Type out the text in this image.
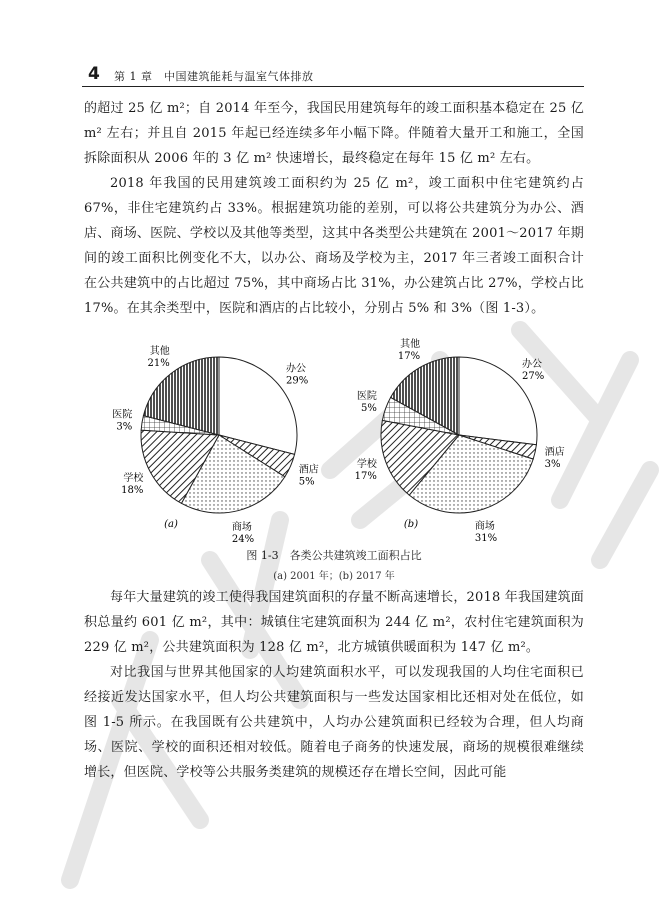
4 第 1 章　中国建筑能耗与温室气体排放

的超过 25 亿 m²；自 2014 年至今，我国民用建筑每年的竣工面积基本稳定在 25 亿 m² 左右；并且自 2015 年起已经连续多年小幅下降。伴随着大量开工和施工，全国拆除面积从 2006 年的 3 亿 m² 快速增长，最终稳定在每年 15 亿 m² 左右。

2018 年我国的民用建筑竣工面积约为 25 亿 m²，竣工面积中住宅建筑约占 67%，非住宅建筑约占 33%。根据建筑功能的差别，可以将公共建筑分为办公、酒店、商场、医院、学校以及其他等类型，这其中各类型公共建筑在 2001～2017 年期间的竣工面积比例变化不大，以办公、商场及学校为主，2017 年三者竣工面积合计在公共建筑中的占比超过 75%，其中商场占比 31%，办公建筑占比 27%，学校占比 17%。在其余类型中，医院和酒店的占比较小，分别占 5% 和 3%（图 1-3）。

办公
29%
酒店
5%
商场
24%
学校
18%
医院
3%
其他
21%
(a)
办公
27%
酒店
3%
商场
31%
学校
17%
医院
5%
其他
17%
(b)
图 1-3　各类公共建筑竣工面积占比
(a) 2001 年；(b) 2017 年

每年大量建筑的竣工使得我国建筑面积的存量不断高速增长，2018 年我国建筑面积总量约 601 亿 m²，其中：城镇住宅建筑面积为 244 亿 m²，农村住宅建筑面积为 229 亿 m²，公共建筑面积为 128 亿 m²，北方城镇供暖面积为 147 亿 m²。

对比我国与世界其他国家的人均建筑面积水平，可以发现我国的人均住宅面积已经接近发达国家水平，但人均公共建筑面积与一些发达国家相比还相对处在低位，如图 1-5 所示。在我国既有公共建筑中，人均办公建筑面积已经较为合理，但人均商场、医院、学校的面积还相对较低。随着电子商务的快速发展，商场的规模很难继续增长，但医院、学校等公共服务类建筑的规模还存在增长空间，因此可能
